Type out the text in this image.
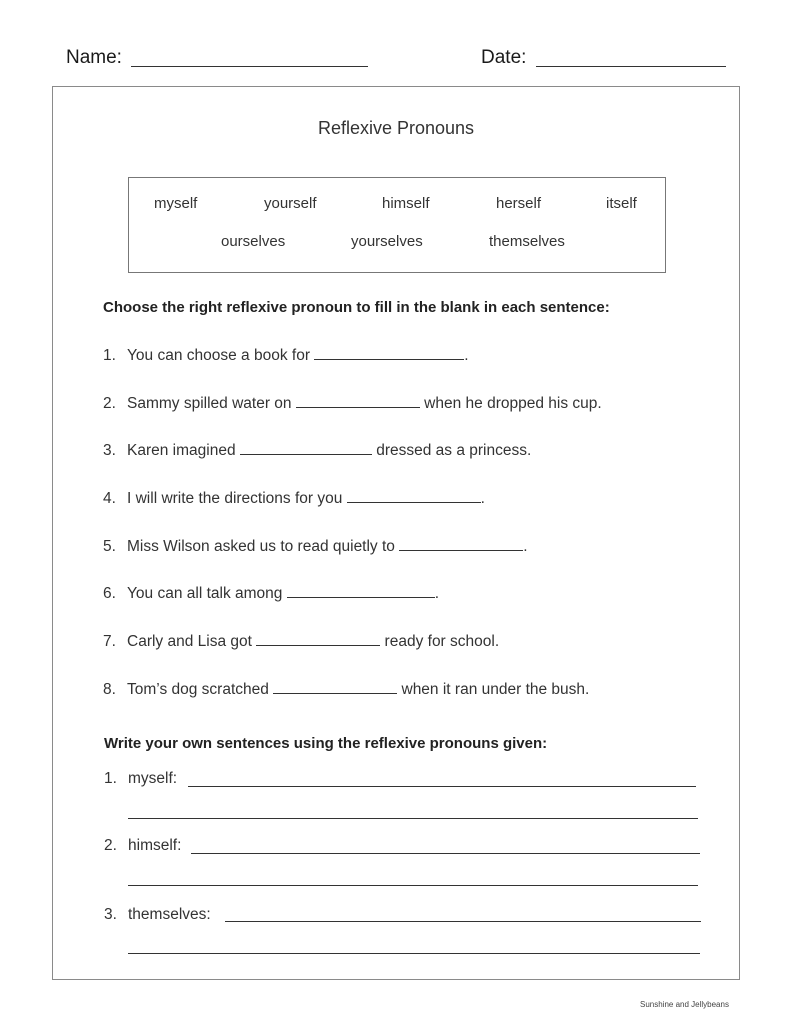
Name:	Date:
Reflexive Pronouns
myself	yourself	himself	herself	itself
ourselves	yourselves	themselves
Choose the right reflexive pronoun to fill in the blank in each sentence:
1. You can choose a book for	.
2. Sammy spilled water on	when he dropped his cup.
3. Karen imagined	dressed as a princess.
4. I will write the directions for you	.
5. Miss Wilson asked us to read quietly to	.
6. You can all talk among	.
7. Carly and Lisa got	ready for school.
8. Tom’s dog scratched	when it ran under the bush.
Write your own sentences using the reflexive pronouns given:
1. myself:
2. himself:
3. themselves:
Sunshine and Jellybeans
